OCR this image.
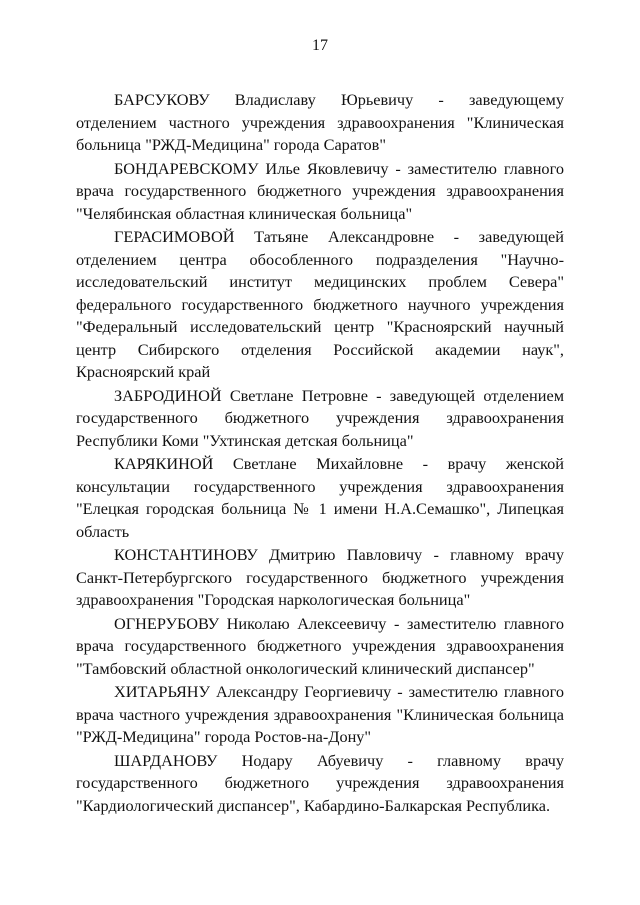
17

БАРСУКОВУ Владиславу Юрьевичу - заведующему отделением частного учреждения здравоохранения "Клиническая больница "РЖД-Медицина" города Саратов"

БОНДАРЕВСКОМУ Илье Яковлевичу - заместителю главного врача государственного бюджетного учреждения здравоохранения "Челябинская областная клиническая больница"

ГЕРАСИМОВОЙ Татьяне Александровне - заведующей отделением центра обособленного подразделения "Научно-исследовательский институт медицинских проблем Севера" федерального государственного бюджетного научного учреждения "Федеральный исследовательский центр "Красноярский научный центр Сибирского отделения Российской академии наук", Красноярский край

ЗАБРОДИНОЙ Светлане Петровне - заведующей отделением государственного бюджетного учреждения здравоохранения Республики Коми "Ухтинская детская больница"

КАРЯКИНОЙ Светлане Михайловне - врачу женской консультации государственного учреждения здравоохранения "Елецкая городская больница № 1 имени Н.А.Семашко", Липецкая область

КОНСТАНТИНОВУ Дмитрию Павловичу - главному врачу Санкт-Петербургского государственного бюджетного учреждения здравоохранения "Городская наркологическая больница"

ОГНЕРУБОВУ Николаю Алексеевичу - заместителю главного врача государственного бюджетного учреждения здравоохранения "Тамбовский областной онкологический клинический диспансер"

ХИТАРЬЯНУ Александру Георгиевичу - заместителю главного врача частного учреждения здравоохранения "Клиническая больница "РЖД-Медицина" города Ростов-на-Дону"

ШАРДАНОВУ Нодару Абуевичу - главному врачу государственного бюджетного учреждения здравоохранения "Кардиологический диспансер", Кабардино-Балкарская Республика.
